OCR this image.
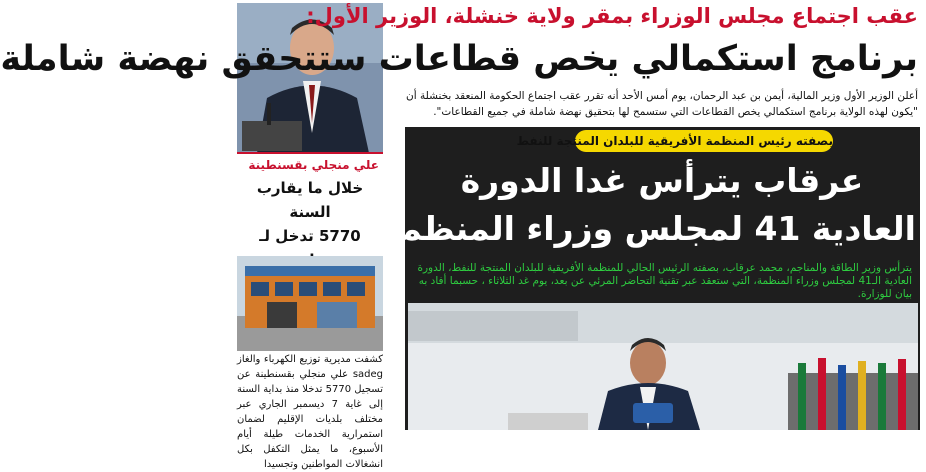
عقب اجتماع مجلس الوزراء بمقر ولاية خنشلة، الوزير الأول:
برنامج استكمالي يخص قطاعات ستتحقق نهضة شاملة
أعلن الوزير الأول وزير المالية، أيمن بن عبد الرحمان، يوم أمس الأحد أنه تقرر عقب اجتماع الحكومة المنعقد بخنشلة أن
"يكون لهذه الولاية برنامج استكمالي يخص القطاعات التي ستسمح لها بتحقيق نهضة شاملة في جميع القطاعات".
علي منجلي بقسنطينة
خلال ما يقارب السنة
5770 تدخل لـ
كشفت مديرية توزيع الكهرباء والغاز sadeg علي منجلي بقسنطينة عن تسجيل 5770 تدخلا منذ بداية السنة إلى غاية 7 ديسمبر الجاري عبر مختلف بلديات الإقليم لضمان استمرارية الخدمات طيلة أيام الأسبوع، ما يمثل التكفل بكل انشغالات المواطنين وتجسيدا
بصفته رئيس المنظمة الأفريقية للبلدان المنتجة للنفط
عرقاب يترأس غدا الدورة
العادية 41 لمجلس وزراء المنظمة
يترأس وزير الطاقة والمناجم، محمد عرقاب، بصفته الرئيس الحالي للمنظمة الأفريقية للبلدان المنتجة للنفط، الدورة العادية الـ41 لمجلس وزراء المنظمة، التي ستعقد عبر تقنية التحاضر المرئي عن بعد، يوم غد الثلاثاء ، حسبما أفاد به بيان للوزارة.
